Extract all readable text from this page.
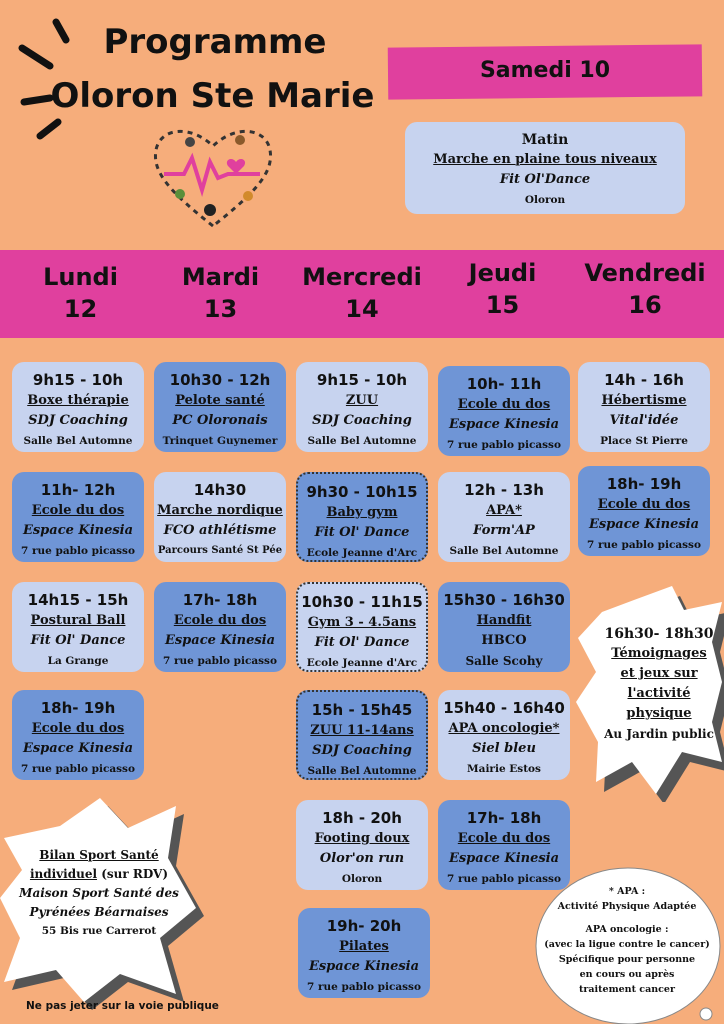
Programme
Oloron Ste Marie
Samedi 10
Matin
Marche en plaine tous niveaux
Fit Ol'Dance
Oloron
Lundi
12
Mardi
13
Mercredi
14
Jeudi
15
Vendredi
16
9h15 - 10h
Boxe thérapie
SDJ Coaching
Salle Bel Automne
11h- 12h
Ecole du dos
Espace Kinesia
7 rue pablo picasso
14h15 - 15h
Postural Ball
Fit Ol' Dance
La Grange
18h- 19h
Ecole du dos
Espace Kinesia
7 rue pablo picasso
10h30 - 12h
Pelote santé
PC Oloronais
Trinquet Guynemer
14h30
Marche nordique
FCO athlétisme
Parcours Santé St Pée
17h- 18h
Ecole du dos
Espace Kinesia
7 rue pablo picasso
9h15 - 10h
ZUU
SDJ Coaching
Salle Bel Automne
9h30 - 10h15
Baby gym
Fit Ol' Dance
Ecole Jeanne d'Arc
10h30 - 11h15
Gym 3 - 4.5ans
Fit Ol' Dance
Ecole Jeanne d'Arc
15h - 15h45
ZUU 11-14ans
SDJ Coaching
Salle Bel Automne
18h - 20h
Footing doux
Olor'on run
Oloron
19h- 20h
Pilates
Espace Kinesia
7 rue pablo picasso
10h- 11h
Ecole du dos
Espace Kinesia
7 rue pablo picasso
12h - 13h
APA*
Form'AP
Salle Bel Automne
15h30 - 16h30
Handfit
HBCO
Salle Scohy
15h40 - 16h40
APA oncologie*
Siel bleu
Mairie Estos
17h- 18h
Ecole du dos
Espace Kinesia
7 rue pablo picasso
14h - 16h
Hébertisme
Vital'idée
Place St Pierre
18h- 19h
Ecole du dos
Espace Kinesia
7 rue pablo picasso
16h30- 18h30
Témoignages
et jeux sur
l'activité
physique
Au Jardin public
Bilan Sport Santé
individuel (sur RDV)
Maison Sport Santé des
Pyrénées Béarnaises
55 Bis rue Carrerot
* APA :
Activité Physique Adaptée
APA oncologie :
(avec la ligue contre le cancer)
Spécifique pour personne
en cours ou après
traitement cancer
Ne pas jeter sur la voie publique
